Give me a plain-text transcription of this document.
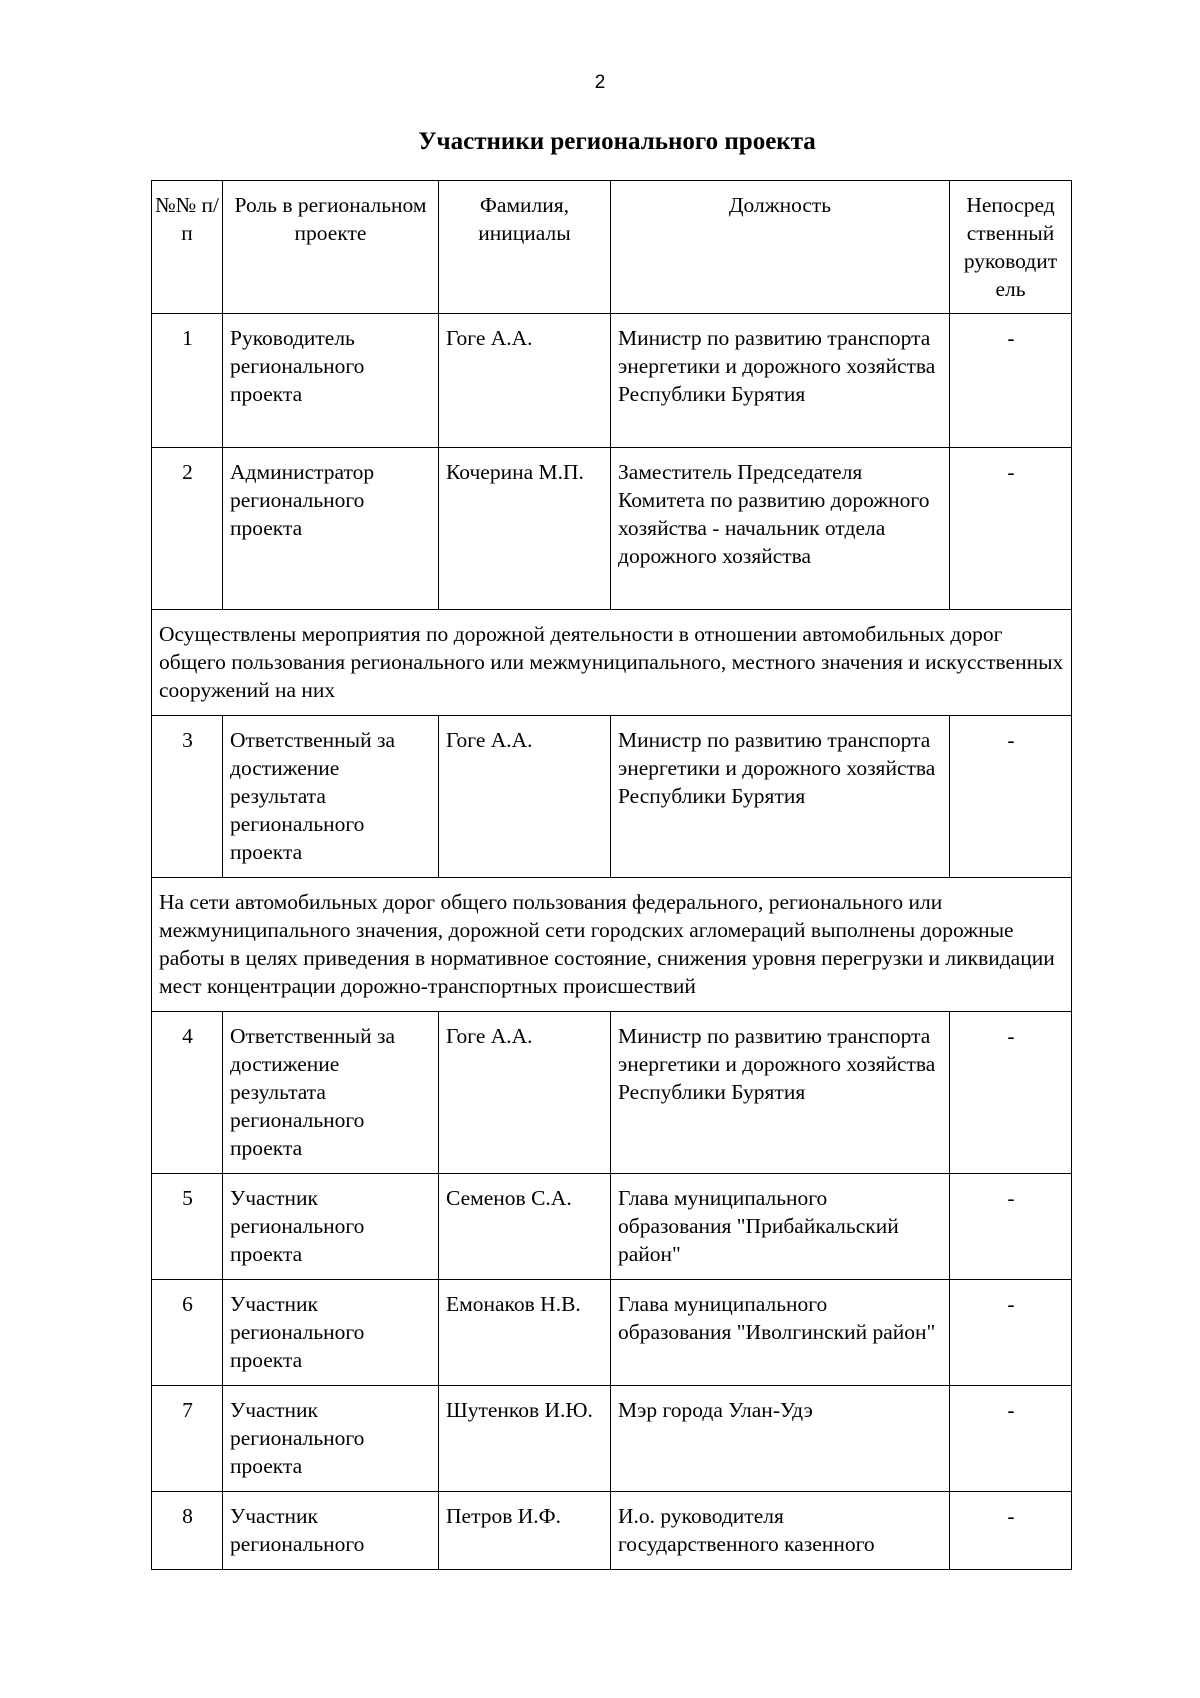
2
Участники регионального проекта
№№ п/п	Роль в региональном проекте	Фамилия, инициалы	Должность	Непосред ственный руководит ель
1	Руководитель регионального проекта	Гоге А.А.	Министр по развитию транспорта энергетики и дорожного хозяйства Республики Бурятия	-
2	Администратор регионального проекта	Кочерина М.П.	Заместитель Председателя Комитета по развитию дорожного хозяйства - начальник отдела дорожного хозяйства	-
Осуществлены мероприятия по дорожной деятельности в отношении автомобильных дорог общего пользования регионального или межмуниципального, местного значения и искусственных сооружений на них				
3	Ответственный за достижение результата регионального проекта	Гоге А.А.	Министр по развитию транспорта энергетики и дорожного хозяйства Республики Бурятия	-
На сети автомобильных дорог общего пользования федерального, регионального или межмуниципального значения, дорожной сети городских агломераций выполнены дорожные работы в целях приведения в нормативное состояние, снижения уровня перегрузки и ликвидации мест концентрации дорожно-транспортных происшествий				
4	Ответственный за достижение результата регионального проекта	Гоге А.А.	Министр по развитию транспорта энергетики и дорожного хозяйства Республики Бурятия	-
5	Участник регионального проекта	Семенов С.А.	Глава муниципального образования "Прибайкальский район"	-
6	Участник регионального проекта	Емонаков Н.В.	Глава муниципального образования "Иволгинский район"	-
7	Участник регионального проекта	Шутенков И.Ю.	Мэр города Улан-Удэ	-
8	Участник регионального	Петров И.Ф.	И.о. руководителя государственного казенного	-
